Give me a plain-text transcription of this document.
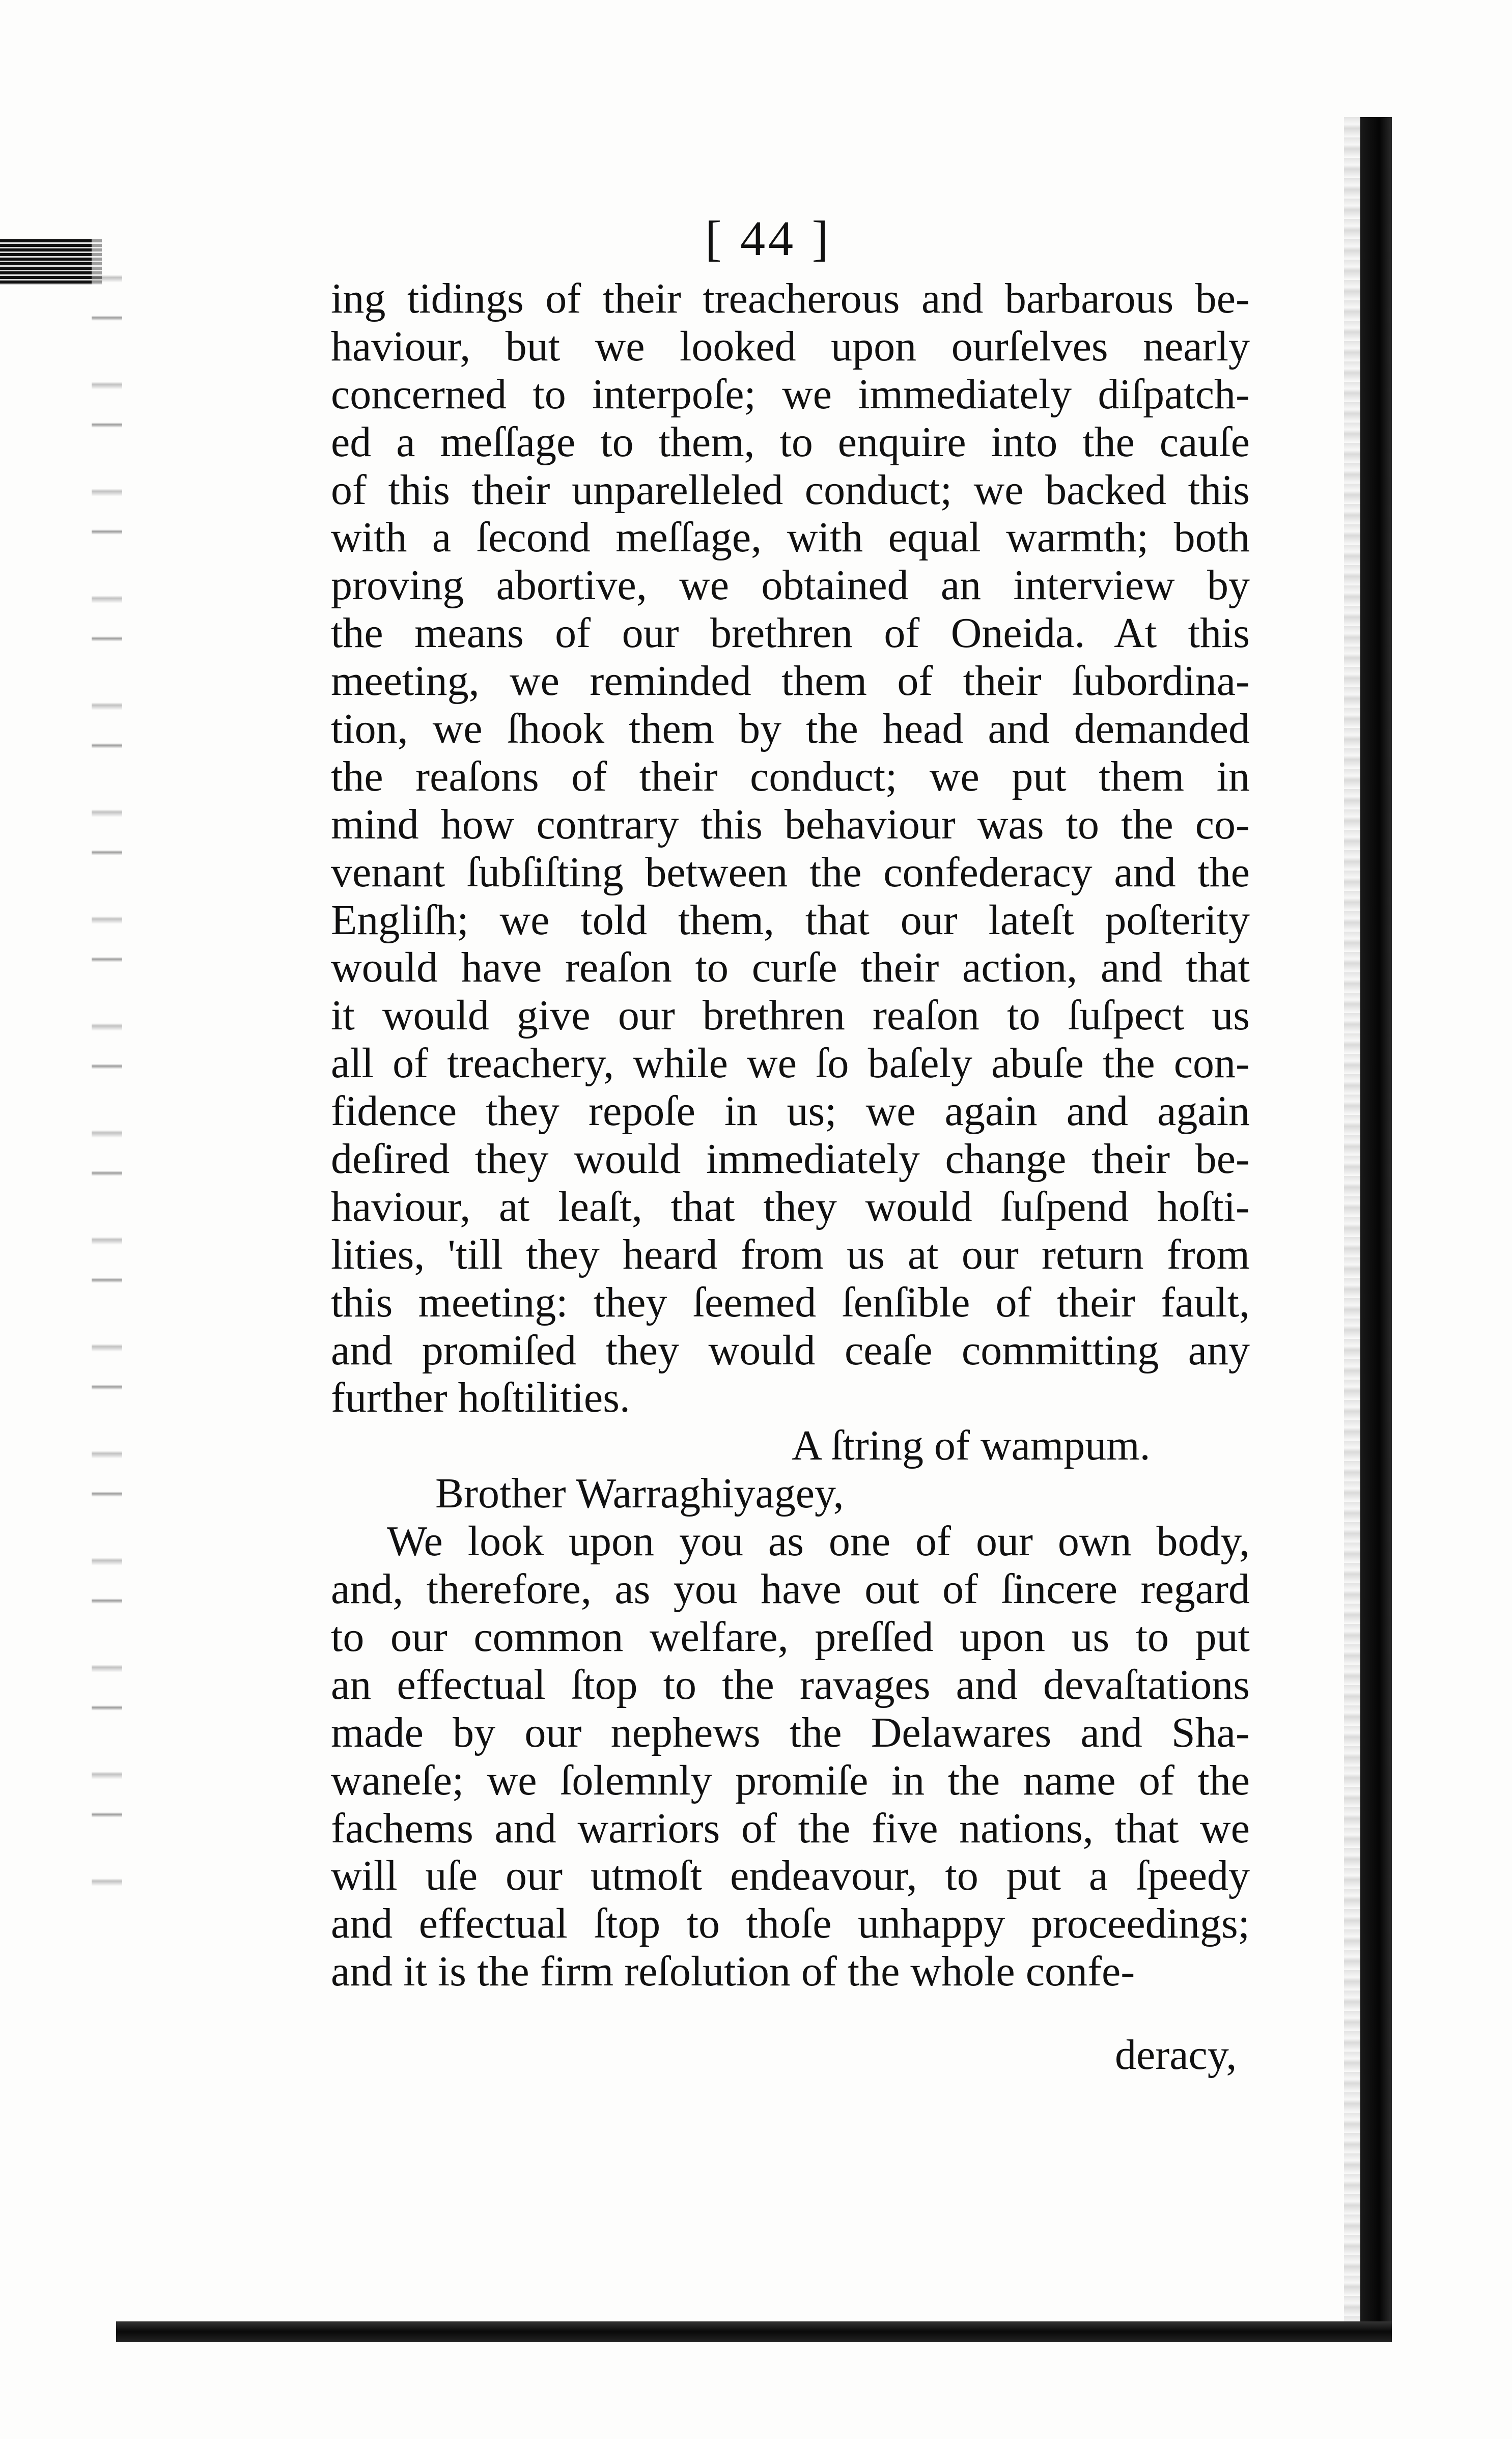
[ 44 ]
ing tidings of their treacherous and barbarous be-
haviour, but we looked upon ourſelves nearly
concerned to interpoſe; we immediately diſpatch-
ed a meſſage to them, to enquire into the cauſe
of this their unparelleled conduct; we backed this
with a ſecond meſſage, with equal warmth; both
proving abortive, we obtained an interview by
the means of our brethren of Oneida. At this
meeting, we reminded them of their ſubordina-
tion, we ſhook them by the head and demanded
the reaſons of their conduct; we put them in
mind how contrary this behaviour was to the co-
venant ſubſiſting between the confederacy and the
Engliſh; we told them, that our lateſt poſterity
would have reaſon to curſe their action, and that
it would give our brethren reaſon to ſuſpect us
all of treachery, while we ſo baſely abuſe the con-
fidence they repoſe in us; we again and again
deſired they would immediately change their be-
haviour, at leaſt, that they would ſuſpend hoſti-
lities, 'till they heard from us at our return from
this meeting: they ſeemed ſenſible of their fault,
and promiſed they would ceaſe committing any
further hoſtilities.
A ſtring of wampum.
Brother Warraghiyagey,
We look upon you as one of our own body,
and, therefore, as you have out of ſincere regard
to our common welfare, preſſed upon us to put
an effectual ſtop to the ravages and devaſtations
made by our nephews the Delawares and Sha-
waneſe; we ſolemnly promiſe in the name of the
fachems and warriors of the five nations, that we
will uſe our utmoſt endeavour, to put a ſpeedy
and effectual ſtop to thoſe unhappy proceedings;
and it is the firm reſolution of the whole confe-
deracy,
